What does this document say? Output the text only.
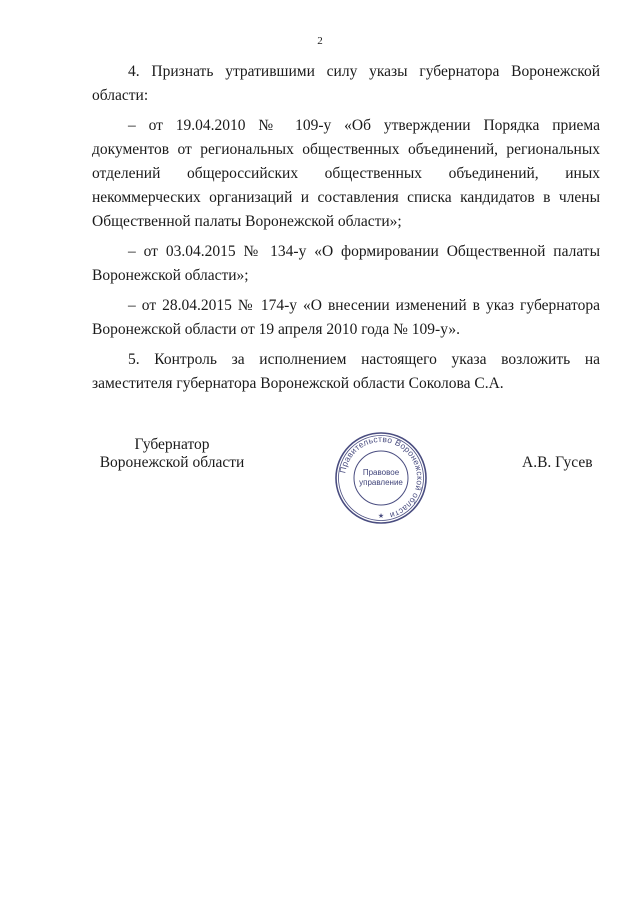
2

4. Признать утратившими силу указы губернатора Воронежской области:

– от 19.04.2010 № 109-у «Об утверждении Порядка приема документов от региональных общественных объединений, региональных отделений общероссийских общественных объединений, иных некоммерческих организаций и составления списка кандидатов в члены Общественной палаты Воронежской области»;

– от 03.04.2015 № 134-у «О формировании Общественной палаты Воронежской области»;

– от 28.04.2015 № 174-у «О внесении изменений в указ губернатора Воронежской области от 19 апреля 2010 года № 109-у».

5. Контроль за исполнением настоящего указа возложить на заместителя губернатора Воронежской области Соколова С.А.

Губернатор
Воронежской области	Правительство Воронежской области
Правовое
управление
★
А.В. Гусев
